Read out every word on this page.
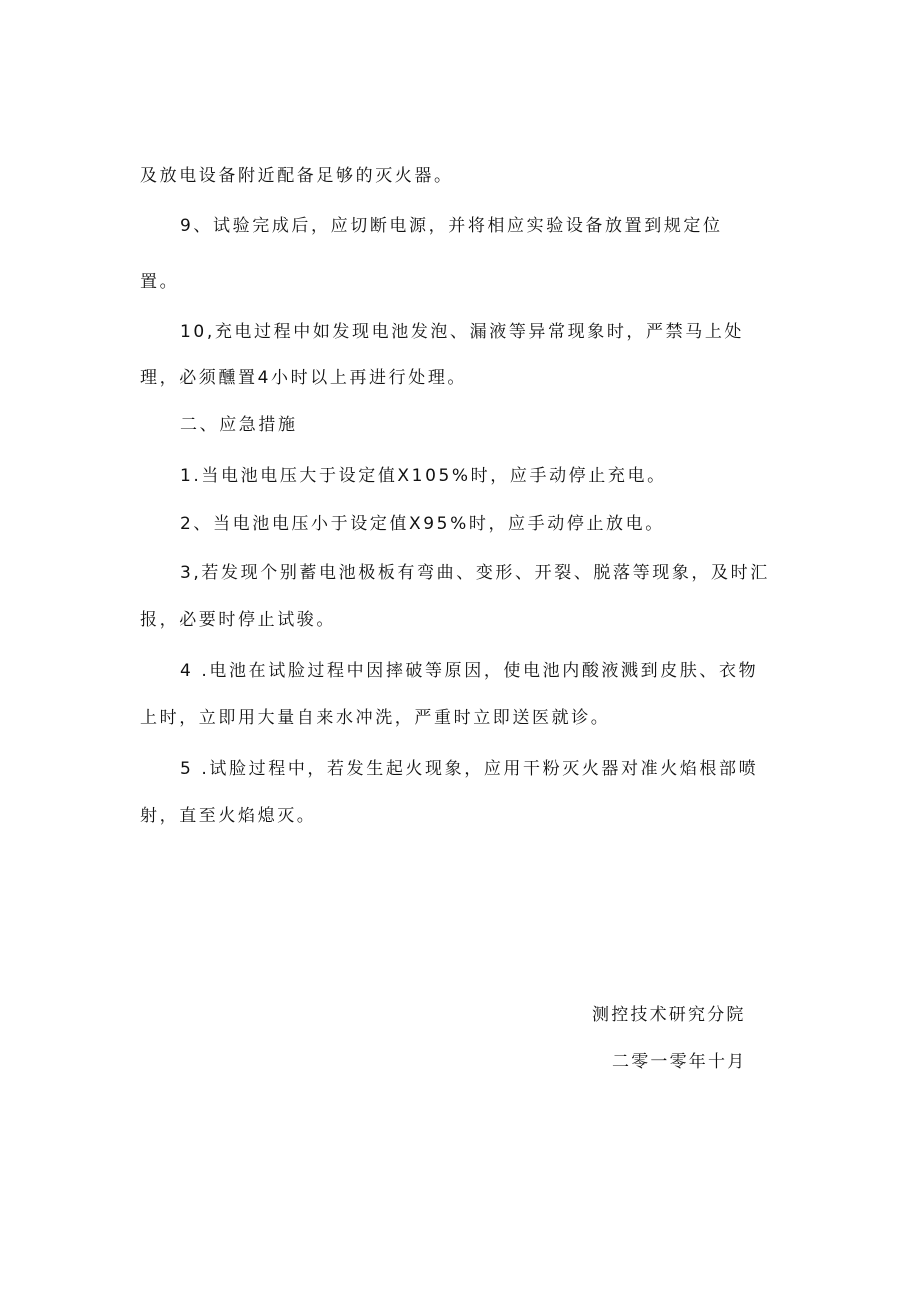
及放电设备附近配备足够的灭火器。
9、试验完成后，应切断电源，并将相应实验设备放置到规定位
置。
10,充电过程中如发现电池发泡、漏液等异常现象时，严禁马上处
理，必须醺置4小时以上再进行处理。
二、应急措施
1.当电池电压大于设定值X105%时，应手动停止充电。
2、当电池电压小于设定值X95%时，应手动停止放电。
3,若发现个别蓄电池极板有弯曲、变形、开裂、脱落等现象，及时汇
报，必要时停止试骏。
4 .电池在试脸过程中因摔破等原因，使电池内酸液溅到皮肤、衣物
上时，立即用大量自来水冲洗，严重时立即送医就诊。
5 .试脸过程中，若发生起火现象，应用干粉灭火器对准火焰根部喷
射，直至火焰熄灭。
测控技术研究分院
二零一零年十月
